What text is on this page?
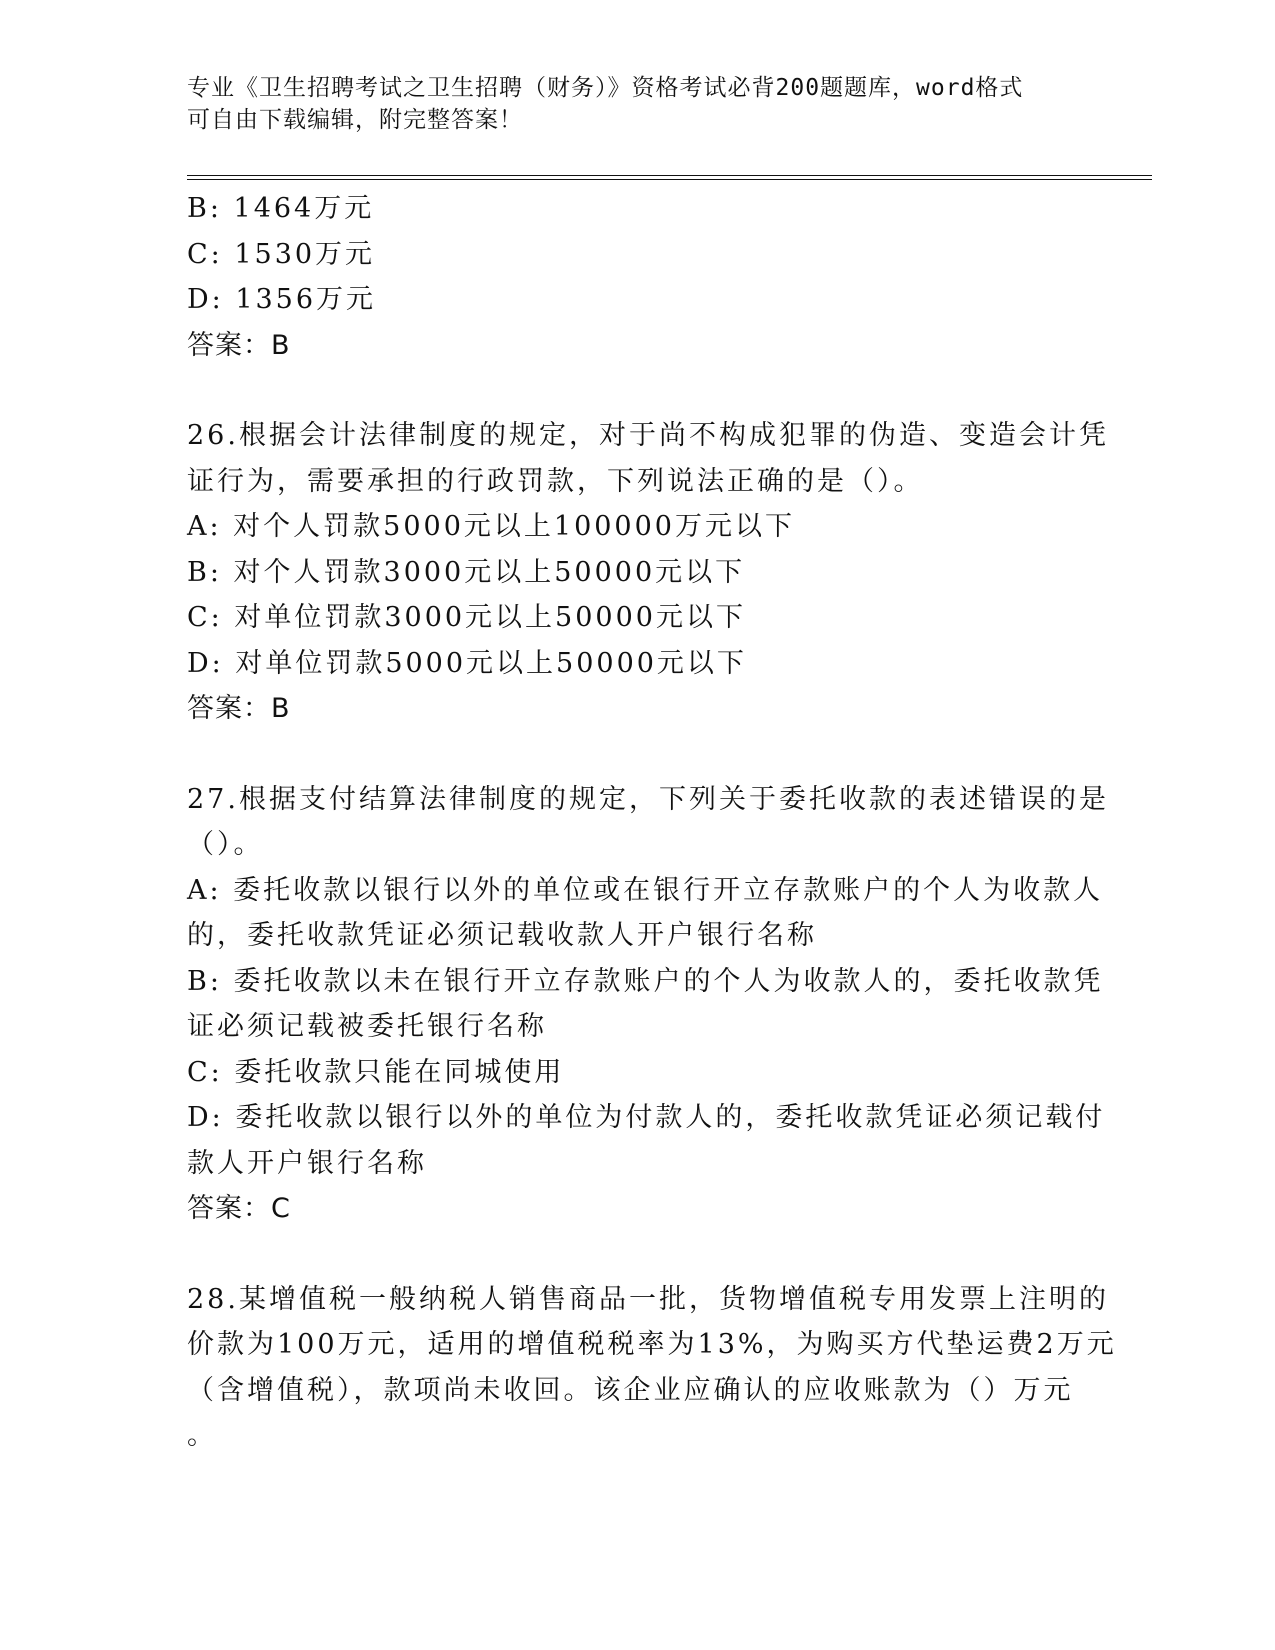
专业《卫生招聘考试之卫生招聘（财务）》资格考试必背200题题库，word格式
可自由下载编辑，附完整答案！
B: 1464万元
C: 1530万元
D: 1356万元
答案：B
26.根据会计法律制度的规定，对于尚不构成犯罪的伪造、变造会计凭
证行为，需要承担的行政罚款，下列说法正确的是（）。
A: 对个人罚款5000元以上100000万元以下
B: 对个人罚款3000元以上50000元以下
C: 对单位罚款3000元以上50000元以下
D: 对单位罚款5000元以上50000元以下
答案：B
27.根据支付结算法律制度的规定，下列关于委托收款的表述错误的是
（）。
A: 委托收款以银行以外的单位或在银行开立存款账户的个人为收款人
的，委托收款凭证必须记载收款人开户银行名称
B: 委托收款以未在银行开立存款账户的个人为收款人的，委托收款凭
证必须记载被委托银行名称
C: 委托收款只能在同城使用
D: 委托收款以银行以外的单位为付款人的，委托收款凭证必须记载付
款人开户银行名称
答案：C
28.某增值税一般纳税人销售商品一批，货物增值税专用发票上注明的
价款为100万元，适用的增值税税率为13%，为购买方代垫运费2万元
（含增值税），款项尚未收回。该企业应确认的应收账款为（）万元
。
